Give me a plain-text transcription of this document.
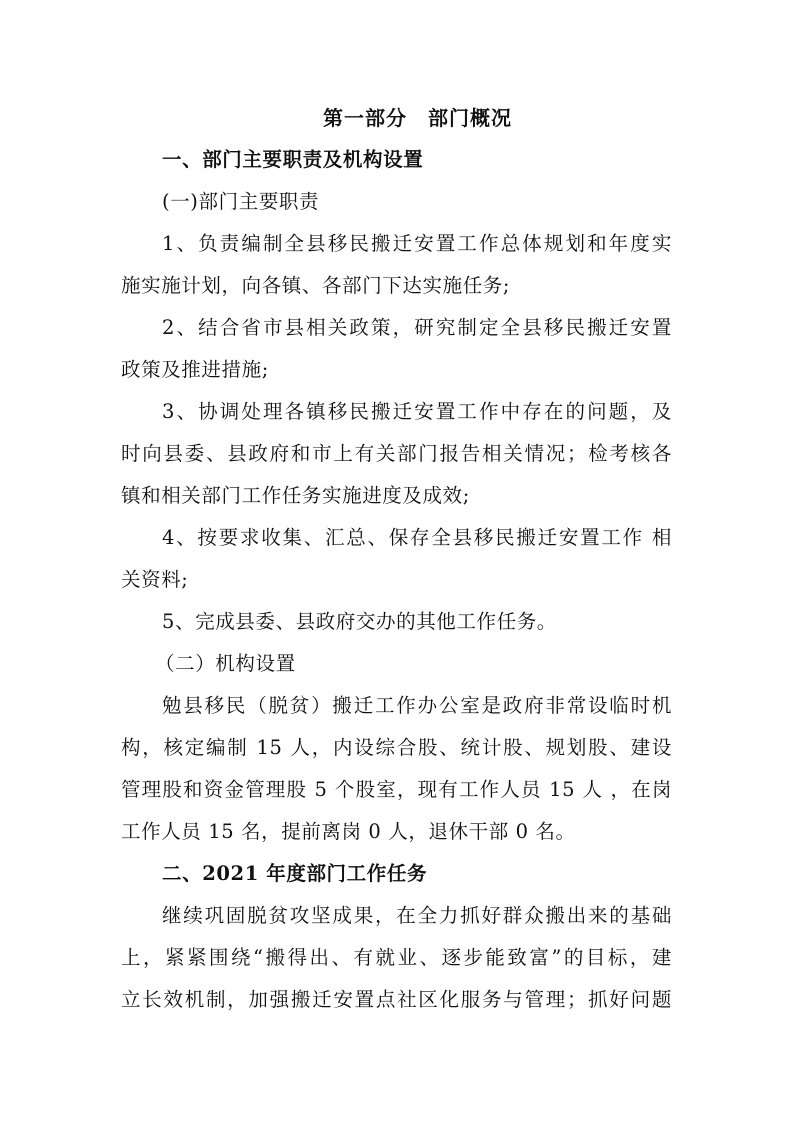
第一部分　部门概况
一、部门主要职责及机构设置
(一)部门主要职责
1、负责编制全县移民搬迁安置工作总体规划和年度实
施实施计划，向各镇、各部门下达实施任务;
2、结合省市县相关政策，研究制定全县移民搬迁安置
政策及推进措施;
3、协调处理各镇移民搬迁安置工作中存在的问题，及
时向县委、县政府和市上有关部门报告相关情况；检考核各
镇和相关部门工作任务实施进度及成效;
4、按要求收集、汇总、保存全县移民搬迁安置工作 相
关资料;
5、完成县委、县政府交办的其他工作任务。
（二）机构设置
勉县移民（脱贫）搬迁工作办公室是政府非常设临时机
构，核定编制 15 人，内设综合股、统计股、规划股、建设
管理股和资金管理股 5 个股室，现有工作人员 15 人 ，在岗
工作人员 15 名，提前离岗 0 人，退休干部 0 名。
二、2021 年度部门工作任务
继续巩固脱贫攻坚成果，在全力抓好群众搬出来的基础
上，紧紧围绕“搬得出、有就业、逐步能致富”的目标，建
立长效机制，加强搬迁安置点社区化服务与管理；抓好问题
